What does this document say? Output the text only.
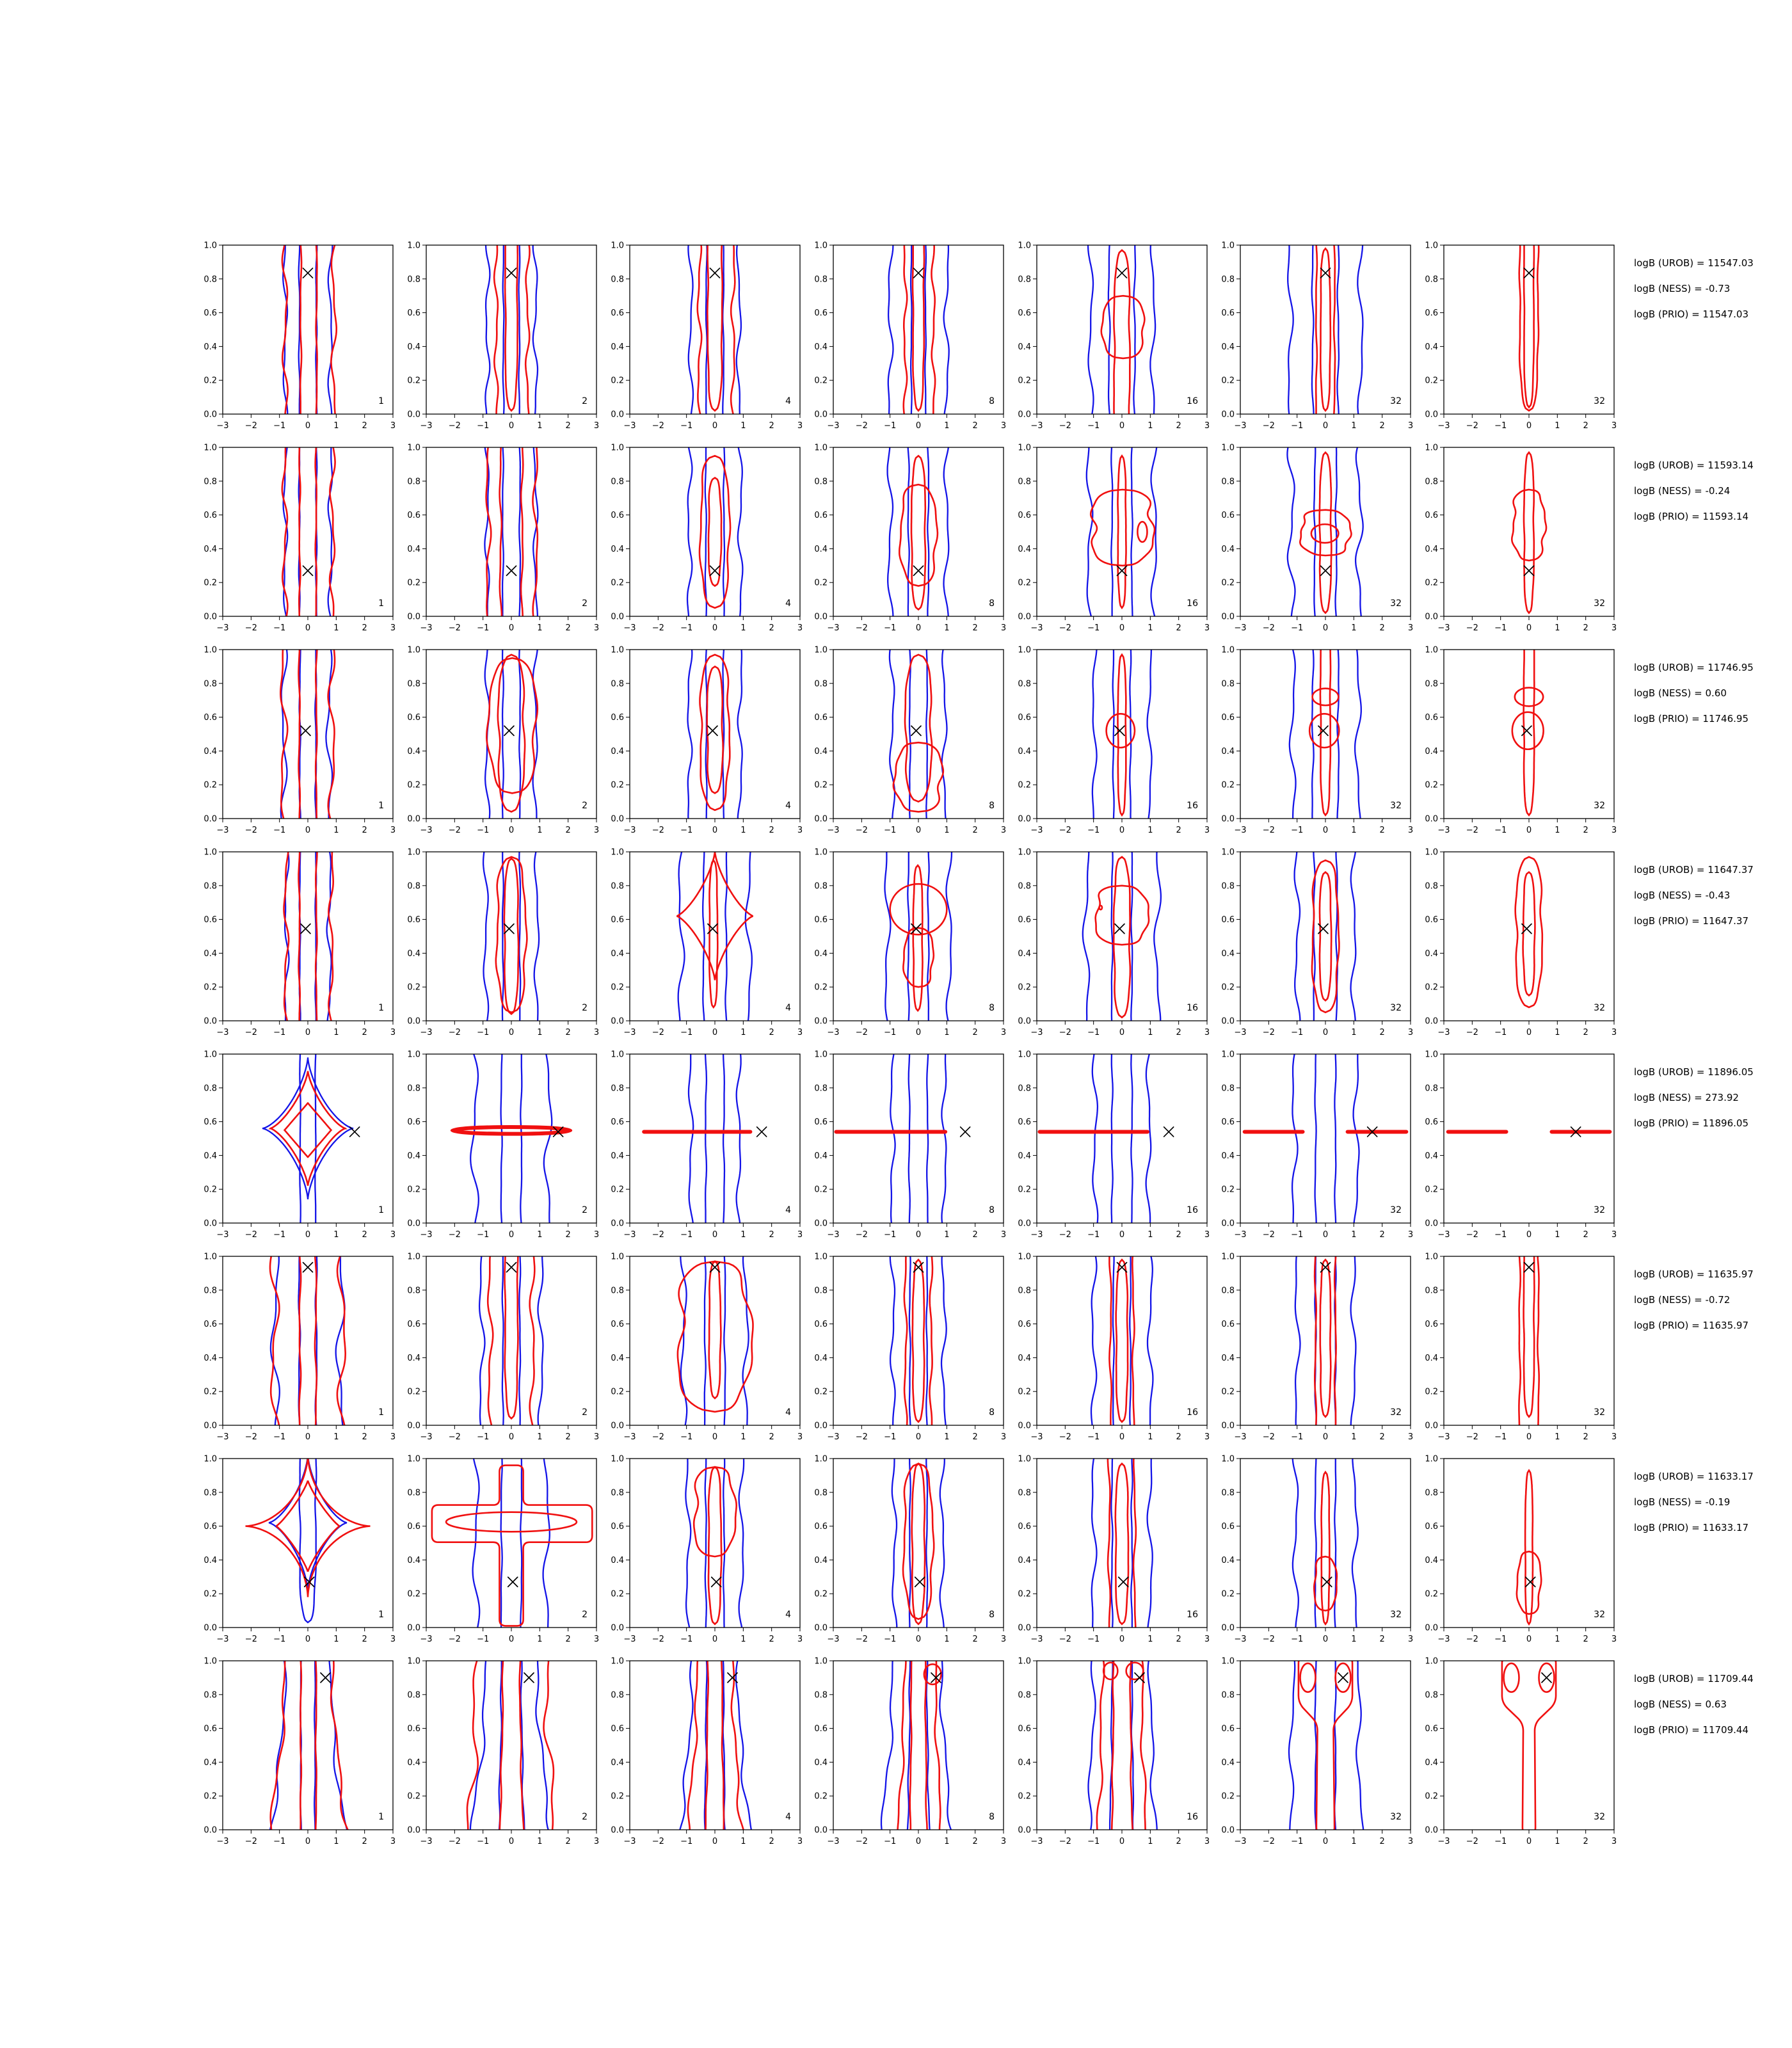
−3 −2 −1 0	1	2	3
0.0
0.2
0.4
0.6
0.8
1.0
1
−3 −2 −1 0	1	2	3
0.0
0.2
0.4
0.6
0.8
1.0
2
−3 −2 −1 0	1	2	3
0.0
0.2
0.4
0.6
0.8
1.0
4
−3 −2 −1 0	1	2	3
0.0
0.2
0.4
0.6
0.8
1.0
8
−3 −2 −1 0	1	2	3
0.0
0.2
0.4
0.6
0.8
1.0
16
−3 −2 −1 0	1	2	3
0.0
0.2
0.4
0.6
0.8
1.0
32
−3 −2 −1 0	1	2	3
0.0
0.2
0.4
0.6
0.8
1.0
32
−3 −2 −1 0	1	2	3
0.0
0.2
0.4
0.6
0.8
1.0
1
−3 −2 −1 0	1	2	3
0.0
0.2
0.4
0.6
0.8
1.0
2
−3 −2 −1 0	1	2	3
0.0
0.2
0.4
0.6
0.8
1.0
4
−3 −2 −1 0	1	2	3
0.0
0.2
0.4
0.6
0.8
1.0
8
−3 −2 −1 0	1	2	3
0.0
0.2
0.4
0.6
0.8
1.0
16
−3 −2 −1 0	1	2	3
0.0
0.2
0.4
0.6
0.8
1.0
32
−3 −2 −1 0	1	2	3
0.0
0.2
0.4
0.6
0.8
1.0
32
−3 −2 −1 0	1	2	3
0.0
0.2
0.4
0.6
0.8
1.0
1
−3 −2 −1 0	1	2	3
0.0
0.2
0.4
0.6
0.8
1.0
2
−3 −2 −1 0	1	2	3
0.0
0.2
0.4
0.6
0.8
1.0
4
−3 −2 −1 0	1	2	3
0.0
0.2
0.4
0.6
0.8
1.0
8
−3 −2 −1 0	1	2	3
0.0
0.2
0.4
0.6
0.8
1.0
16
−3 −2 −1 0	1	2	3
0.0
0.2
0.4
0.6
0.8
1.0
32
−3 −2 −1 0	1	2	3
0.0
0.2
0.4
0.6
0.8
1.0
32
−3 −2 −1 0	1	2	3
0.0
0.2
0.4
0.6
0.8
1.0
1
−3 −2 −1 0	1	2	3
0.0
0.2
0.4
0.6
0.8
1.0
2
−3 −2 −1 0	1	2	3
0.0
0.2
0.4
0.6
0.8
1.0
4
−3 −2 −1 0	1	2	3
0.0
0.2
0.4
0.6
0.8
1.0
8
−3 −2 −1 0	1	2	3
0.0
0.2
0.4
0.6
0.8
1.0
16
−3 −2 −1 0	1	2	3
0.0
0.2
0.4
0.6
0.8
1.0
32
−3 −2 −1 0	1	2	3
0.0
0.2
0.4
0.6
0.8
1.0
32
−3 −2 −1 0	1	2	3
0.0
0.2
0.4
0.6
0.8
1.0
1
−3 −2 −1 0	1	2	3
0.0
0.2
0.4
0.6
0.8
1.0
2
−3 −2 −1 0	1	2	3
0.0
0.2
0.4
0.6
0.8
1.0
4
−3 −2 −1 0	1	2	3
0.0
0.2
0.4
0.6
0.8
1.0
8
−3 −2 −1 0	1	2	3
0.0
0.2
0.4
0.6
0.8
1.0
16
−3 −2 −1 0	1	2	3
0.0
0.2
0.4
0.6
0.8
1.0
32
−3 −2 −1 0	1	2	3
0.0
0.2
0.4
0.6
0.8
1.0
32
−3 −2 −1 0	1	2	3
0.0
0.2
0.4
0.6
0.8
1.0
1
−3 −2 −1 0	1	2	3
0.0
0.2
0.4
0.6
0.8
1.0
2
−3 −2 −1 0	1	2	3
0.0
0.2
0.4
0.6
0.8
1.0
4
−3 −2 −1 0	1	2	3
0.0
0.2
0.4
0.6
0.8
1.0
8
−3 −2 −1 0	1	2	3
0.0
0.2
0.4
0.6
0.8
1.0
16
−3 −2 −1 0	1	2	3
0.0
0.2
0.4
0.6
0.8
1.0
32
−3 −2 −1 0	1	2	3
0.0
0.2
0.4
0.6
0.8
1.0
32
−3 −2 −1 0	1	2	3
0.0
0.2
0.4
0.6
0.8
1.0
1
−3 −2 −1 0	1	2	3
0.0
0.2
0.4
0.6
0.8
1.0
2
−3 −2 −1 0	1	2	3
0.0
0.2
0.4
0.6
0.8
1.0
4
−3 −2 −1 0	1	2	3
0.0
0.2
0.4
0.6
0.8
1.0
8
−3 −2 −1 0	1	2	3
0.0
0.2
0.4
0.6
0.8
1.0
16
−3 −2 −1 0	1	2	3
0.0
0.2
0.4
0.6
0.8
1.0
32
−3 −2 −1 0	1	2	3
0.0
0.2
0.4
0.6
0.8
1.0
32
−3 −2 −1 0	1	2	3
0.0
0.2
0.4
0.6
0.8
1.0
1
−3 −2 −1 0	1	2	3
0.0
0.2
0.4
0.6
0.8
1.0
2
−3 −2 −1 0	1	2	3
0.0
0.2
0.4
0.6
0.8
1.0
4
−3 −2 −1 0	1	2	3
0.0
0.2
0.4
0.6
0.8
1.0
8
−3 −2 −1 0	1	2	3
0.0
0.2
0.4
0.6
0.8
1.0
16
−3 −2 −1 0	1	2	3
0.0
0.2
0.4
0.6
0.8
1.0
32
−3 −2 −1 0	1	2	3
0.0
0.2
0.4
0.6
0.8
1.0
32
logB (UROB) = 11547.03
logB (NESS) = -0.73
logB (PRIO) = 11547.03
logB (UROB) = 11593.14
logB (NESS) = -0.24
logB (PRIO) = 11593.14
logB (UROB) = 11746.95
logB (NESS) = 0.60
logB (PRIO) = 11746.95
logB (UROB) = 11647.37
logB (NESS) = -0.43
logB (PRIO) = 11647.37
logB (UROB) = 11896.05
logB (NESS) = 273.92
logB (PRIO) = 11896.05
logB (UROB) = 11635.97
logB (NESS) = -0.72
logB (PRIO) = 11635.97
logB (UROB) = 11633.17
logB (NESS) = -0.19
logB (PRIO) = 11633.17
logB (UROB) = 11709.44
logB (NESS) = 0.63
logB (PRIO) = 11709.44
